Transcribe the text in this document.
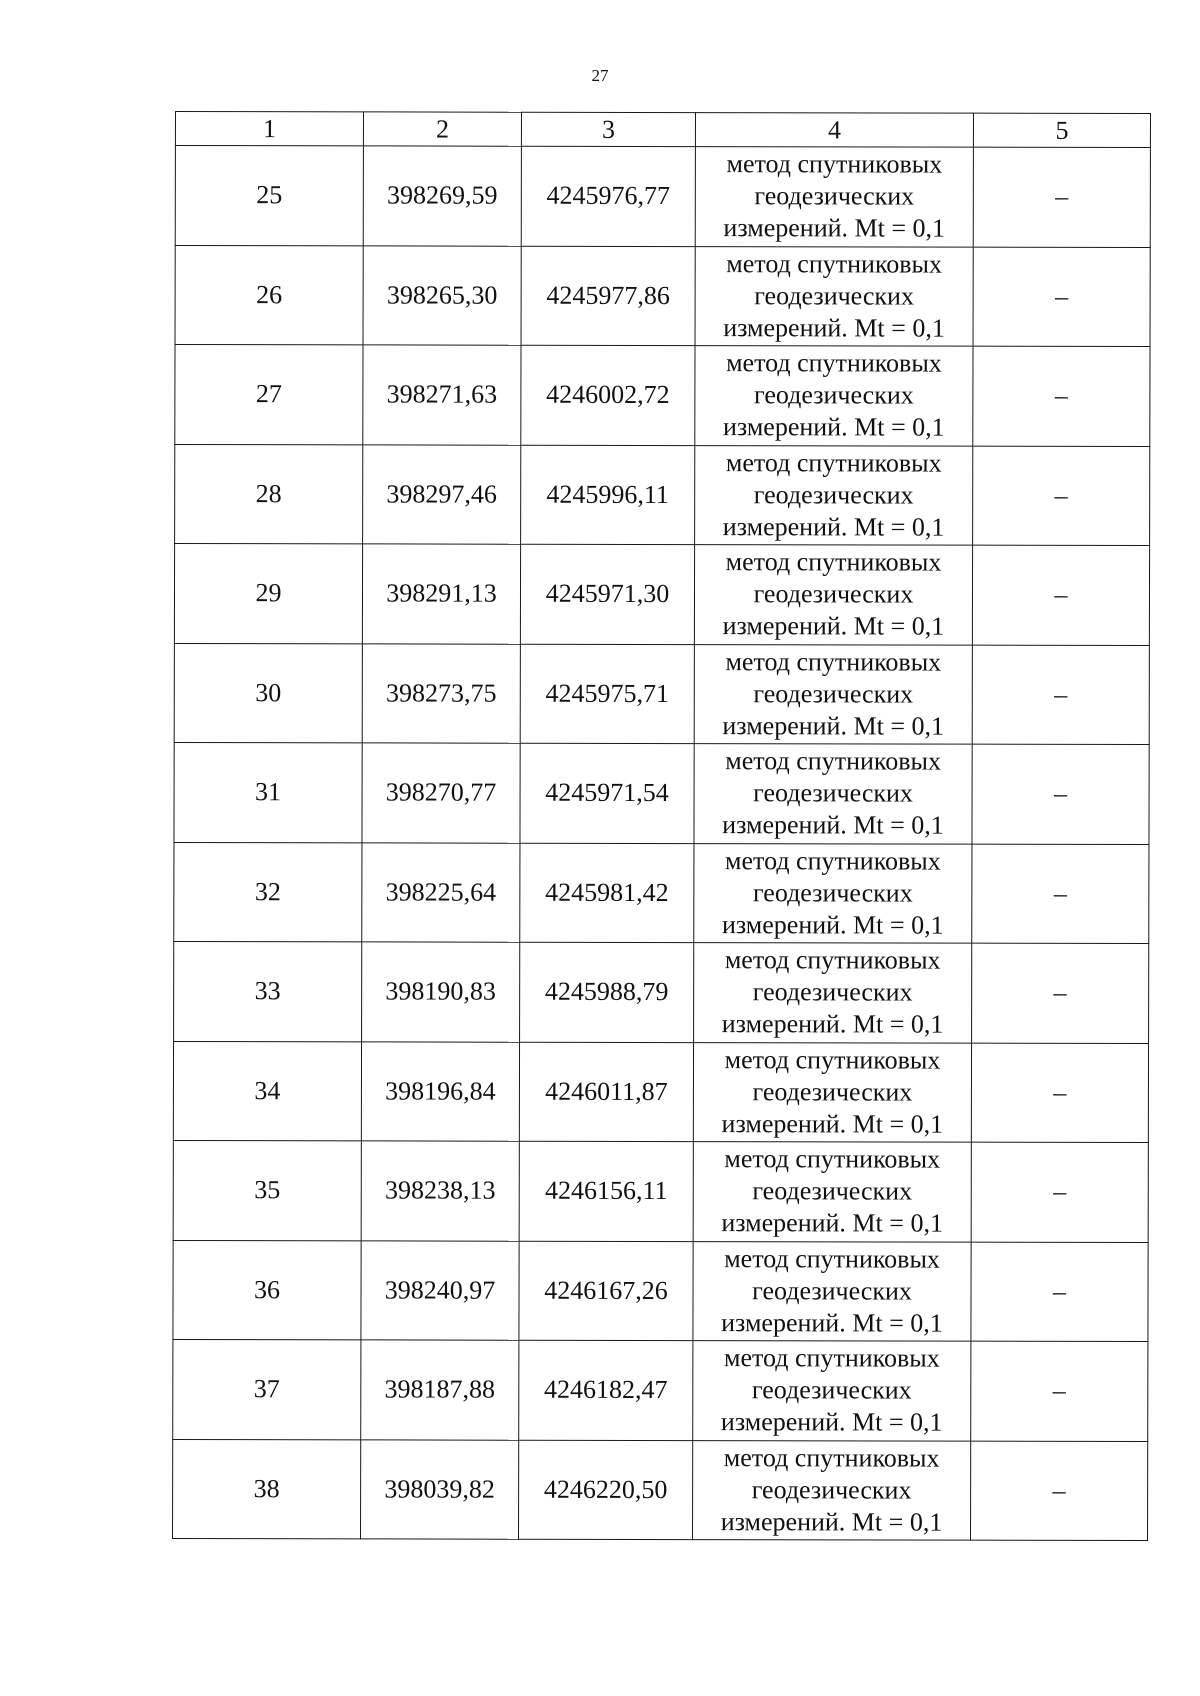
27
1	2	3	4	5
25	398269,59	4245976,77	метод спутниковых
геодезических
измерений. Mt = 0,1	–
26	398265,30	4245977,86	метод спутниковых
геодезических
измерений. Mt = 0,1	–
27	398271,63	4246002,72	метод спутниковых
геодезических
измерений. Mt = 0,1	–
28	398297,46	4245996,11	метод спутниковых
геодезических
измерений. Mt = 0,1	–
29	398291,13	4245971,30	метод спутниковых
геодезических
измерений. Mt = 0,1	–
30	398273,75	4245975,71	метод спутниковых
геодезических
измерений. Mt = 0,1	–
31	398270,77	4245971,54	метод спутниковых
геодезических
измерений. Mt = 0,1	–
32	398225,64	4245981,42	метод спутниковых
геодезических
измерений. Mt = 0,1	–
33	398190,83	4245988,79	метод спутниковых
геодезических
измерений. Mt = 0,1	–
34	398196,84	4246011,87	метод спутниковых
геодезических
измерений. Mt = 0,1	–
35	398238,13	4246156,11	метод спутниковых
геодезических
измерений. Mt = 0,1	–
36	398240,97	4246167,26	метод спутниковых
геодезических
измерений. Mt = 0,1	–
37	398187,88	4246182,47	метод спутниковых
геодезических
измерений. Mt = 0,1	–
38	398039,82	4246220,50	метод спутниковых
геодезических
измерений. Mt = 0,1	–
